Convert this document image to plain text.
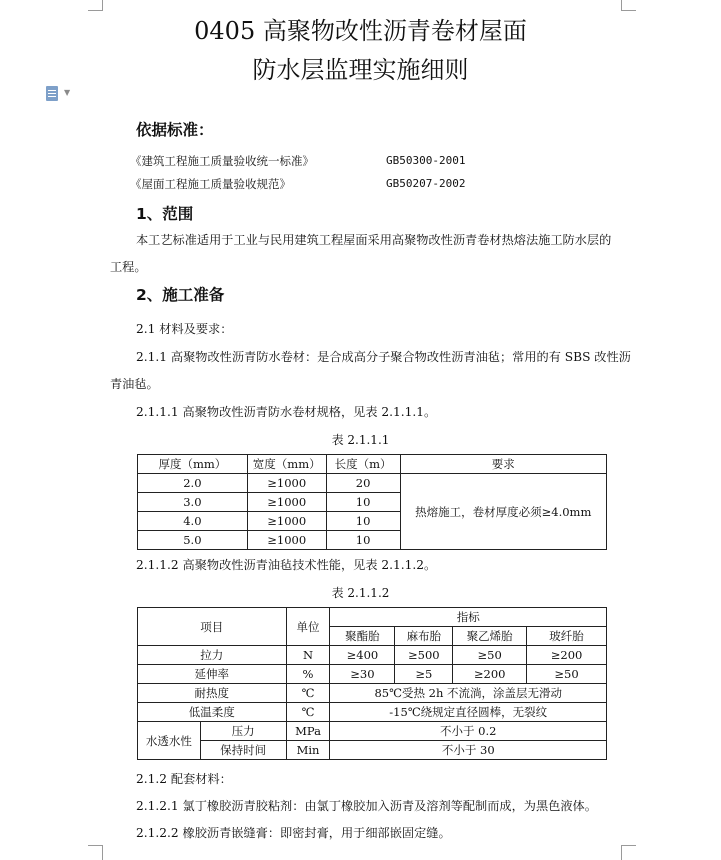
▼
0405 高聚物改性沥青卷材屋面
防水层监理实施细则
依据标准：
《建筑工程施工质量验收统一标准》	GB50300-2001
《屋面工程施工质量验收规范》	GB50207-2002
1、范围
本工艺标准适用于工业与民用建筑工程屋面采用高聚物改性沥青卷材热熔法施工防水层的
工程。
2、施工准备
2.1 材料及要求：
2.1.1 高聚物改性沥青防水卷材：是合成高分子聚合物改性沥青油毡；常用的有 SBS 改性沥
青油毡。
2.1.1.1 高聚物改性沥青防水卷材规格，见表 2.1.1.1。
表 2.1.1.1
厚度（mm）	宽度（mm）	长度（m）	要求
2.0	≥1000	20	热熔施工，卷材厚度必须≥4.0mm
3.0	≥1000	10	
4.0	≥1000	10	
5.0	≥1000	10	
2.1.1.2 高聚物改性沥青油毡技术性能，见表 2.1.1.2。
表 2.1.1.2
项目		单位	指标			
			聚酯胎	麻布胎	聚乙烯胎	玻纤胎
拉力		N	≥400	≥500	≥50	≥200
延伸率		%	≥30	≥5	≥200	≥50
耐热度		℃	85℃受热 2h 不流淌，涂盖层无滑动			
低温柔度		℃	-15℃绕规定直径圆棒，无裂纹			
水透水性	压力	MPa	不小于 0.2			
	保持时间	Min	不小于 30			
2.1.2 配套材料：
2.1.2.1 氯丁橡胶沥青胶粘剂：由氯丁橡胶加入沥青及溶剂等配制而成，为黑色液体。
2.1.2.2 橡胶沥青嵌缝膏：即密封膏，用于细部嵌固定缝。
